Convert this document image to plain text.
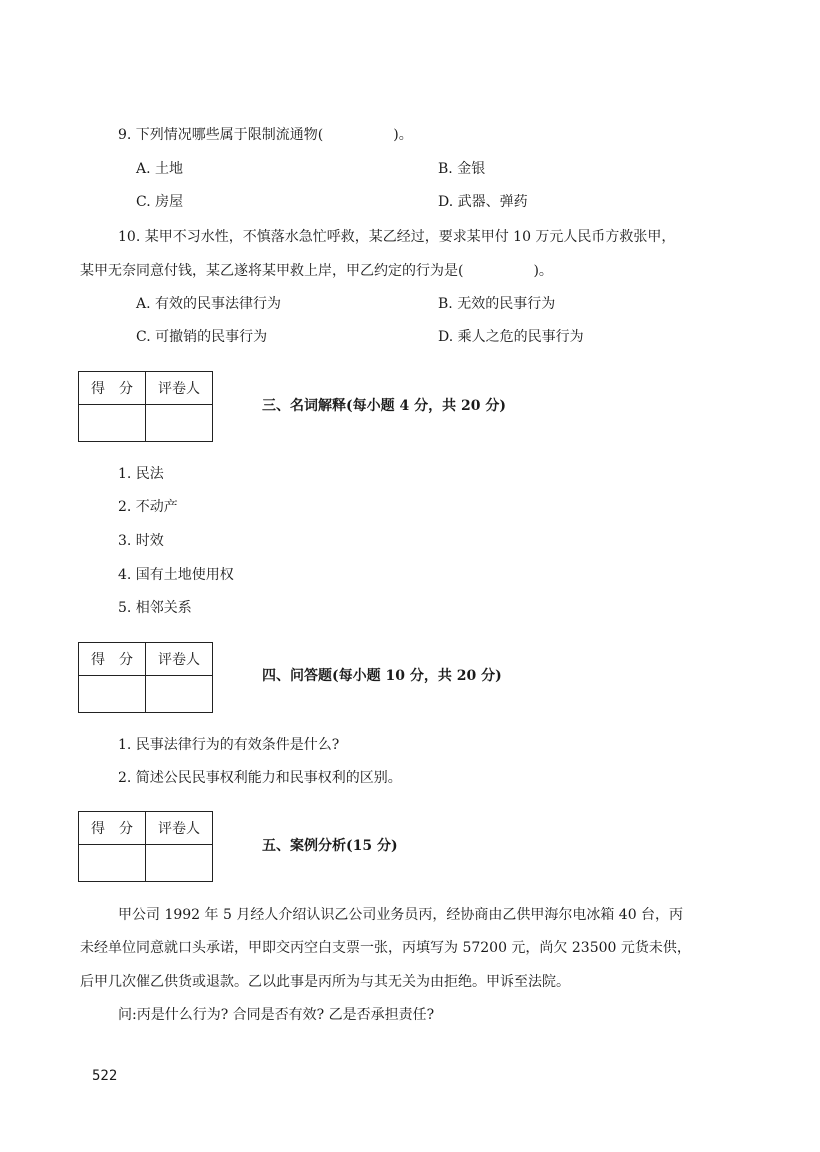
9. 下列情况哪些属于限制流通物(　　　　　)。
A. 土地	B. 金银
C. 房屋	D. 武器、弹药
10. 某甲不习水性，不慎落水急忙呼救，某乙经过，要求某甲付 10 万元人民币方救张甲，
某甲无奈同意付钱，某乙遂将某甲救上岸，甲乙约定的行为是(　　　　　)。
A. 有效的民事法律行为	B. 无效的民事行为
C. 可撤销的民事行为	D. 乘人之危的民事行为
得　分	评卷人

三、名词解释(每小题 4 分，共 20 分)
1. 民法
2. 不动产
3. 时效
4. 国有土地使用权
5. 相邻关系
得　分	评卷人

四、问答题(每小题 10 分，共 20 分)
1. 民事法律行为的有效条件是什么?
2. 简述公民民事权利能力和民事权利的区别。
得　分	评卷人

五、案例分析(15 分)
甲公司 1992 年 5 月经人介绍认识乙公司业务员丙，经协商由乙供甲海尔电冰箱 40 台，丙
未经单位同意就口头承诺，甲即交丙空白支票一张，丙填写为 57200 元，尚欠 23500 元货未供，
后甲几次催乙供货或退款。乙以此事是丙所为与其无关为由拒绝。甲诉至法院。
问:丙是什么行为? 合同是否有效? 乙是否承担责任?
522
